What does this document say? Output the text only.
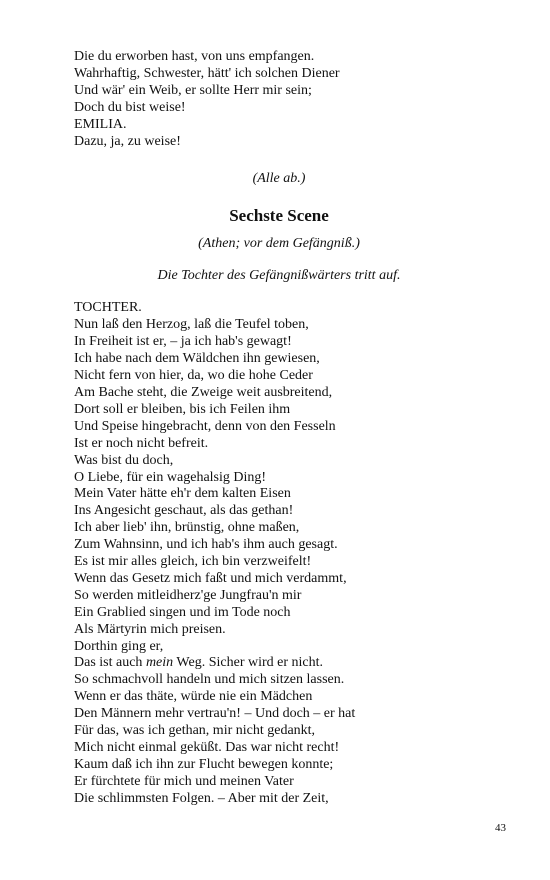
Die du erworben hast, von uns empfangen.
Wahrhaftig, Schwester, hätt' ich solchen Diener
Und wär' ein Weib, er sollte Herr mir sein;
Doch du bist weise!
EMILIA.
Dazu, ja, zu weise!
(Alle ab.)
Sechste Scene
(Athen; vor dem Gefängniß.)
Die Tochter des Gefängnißwärters tritt auf.
TOCHTER.
Nun laß den Herzog, laß die Teufel toben,
In Freiheit ist er, – ja ich hab's gewagt!
Ich habe nach dem Wäldchen ihn gewiesen,
Nicht fern von hier, da, wo die hohe Ceder
Am Bache steht, die Zweige weit ausbreitend,
Dort soll er bleiben, bis ich Feilen ihm
Und Speise hingebracht, denn von den Fesseln
Ist er noch nicht befreit.
Was bist du doch,
O Liebe, für ein wagehalsig Ding!
Mein Vater hätte eh'r dem kalten Eisen
Ins Angesicht geschaut, als das gethan!
Ich aber lieb' ihn, brünstig, ohne maßen,
Zum Wahnsinn, und ich hab's ihm auch gesagt.
Es ist mir alles gleich, ich bin verzweifelt!
Wenn das Gesetz mich faßt und mich verdammt,
So werden mitleidherz'ge Jungfrau'n mir
Ein Grablied singen und im Tode noch
Als Märtyrin mich preisen.
Dorthin ging er,
Das ist auch mein Weg. Sicher wird er nicht.
So schmachvoll handeln und mich sitzen lassen.
Wenn er das thäte, würde nie ein Mädchen
Den Männern mehr vertrau'n! – Und doch – er hat
Für das, was ich gethan, mir nicht gedankt,
Mich nicht einmal geküßt. Das war nicht recht!
Kaum daß ich ihn zur Flucht bewegen konnte;
Er fürchtete für mich und meinen Vater
Die schlimmsten Folgen. – Aber mit der Zeit,
43
